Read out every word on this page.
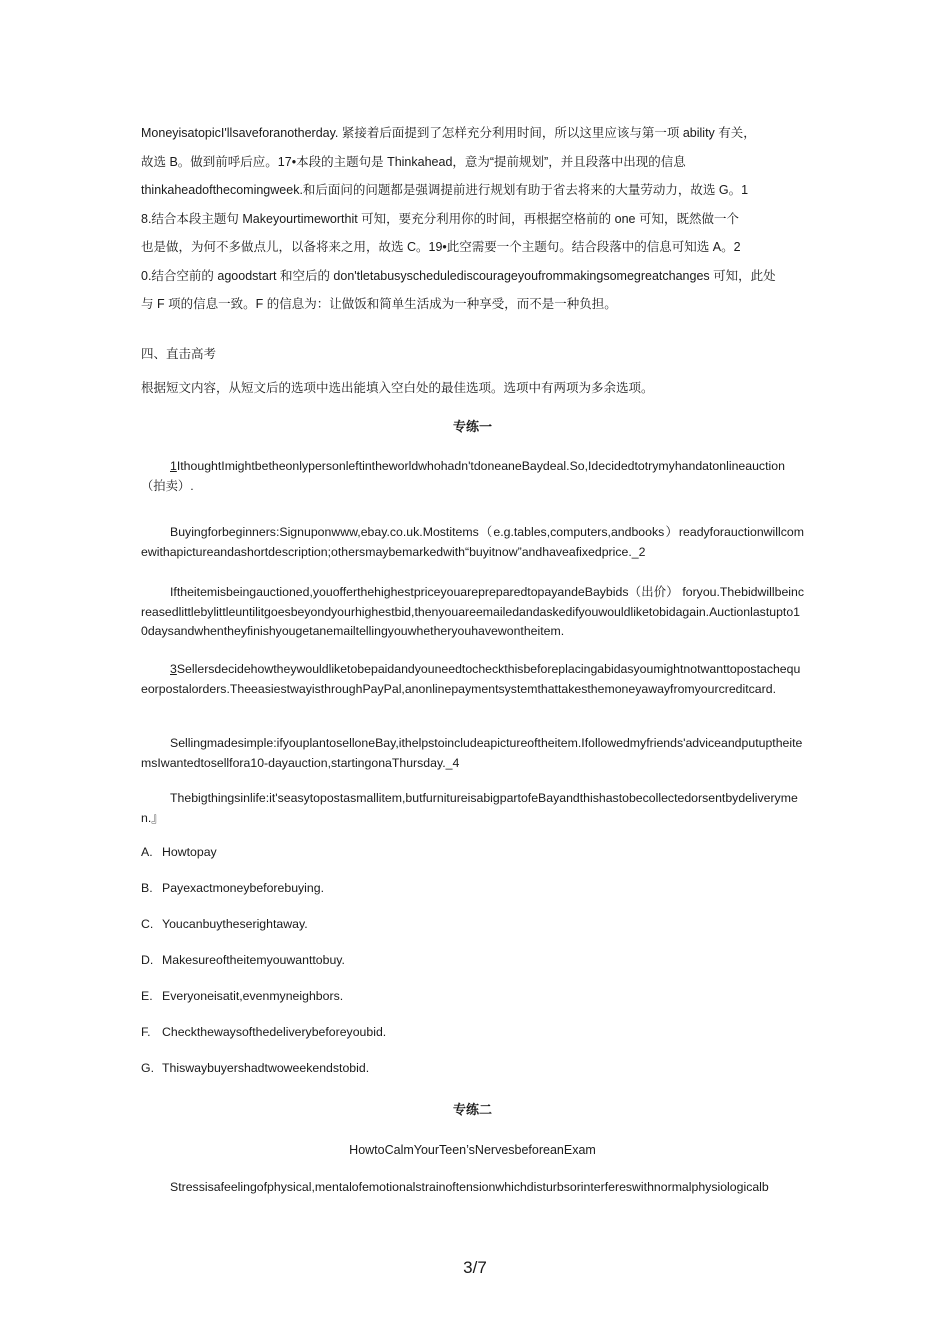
MoneyisatopicI'llsaveforanotherday. 紧接着后面提到了怎样充分利用时间，所以这里应该与第一项 ability 有关，

故选 B。做到前呼后应。17•本段的主题句是 Thinkahead，意为“提前规划”，并且段落中出现的信息

thinkaheadofthecomingweek.和后面问的问题都是强调提前进行规划有助于省去将来的大量劳动力，故选 G。1

8.结合本段主题句 Makeyourtimeworthit 可知，要充分利用你的时间，再根据空格前的 one 可知，既然做一个

也是做，为何不多做点儿，以备将来之用，故选 C。19•此空需要一个主题句。结合段落中的信息可知选 A。2

0.结合空前的 agoodstart 和空后的 don'tletabusyschedulediscourageyoufrommakingsomegreatchanges 可知，此处

与 F 项的信息一致。F 的信息为：让做饭和简单生活成为一种享受，而不是一种负担。

四、直击高考

根据短文内容，从短文后的选项中选出能填入空白处的最佳选项。选项中有两项为多余选项。

专练一

1IthoughtImightbetheonlypersonleftintheworldwhohadn'tdoneaneBaydeal.So,Idecidedtotrymyhandatonlineauction（拍卖）.

Buyingforbeginners:Signuponwww,ebay.co.uk.Mostitems（e.g.tables,computers,andbooks）readyforauctionwillcomewithapictureandashortdescription;othersmaybemarkedwith“buyitnow”andhaveafixedprice._2

Iftheitemisbeingauctioned,youofferthehighestpriceyouarepreparedtopayandeBaybids（出价） foryou.Thebidwillbeincreasedlittlebylittleuntilitgoesbeyondyourhighestbid,thenyouareemailedandaskedifyouwouldliketobidagain.Auctionlastupto10daysandwhentheyfinishyougetanemailtellingyouwhetheryouhavewontheitem.

3Sellersdecidehowtheywouldliketobepaidandyouneedtocheckthisbeforeplacingabidasyoumightnotwanttopostachequeorpostalorders.TheeasiestwayisthroughPayPal,anonlinepaymentsystemthattakesthemoneyawayfromyourcreditcard.

Sellingmadesimple:ifyouplantosellonеBay,ithelpstoincludeapictureoftheitem.Ifollowedmyfriends'adviceandputuptheitemsIwantedtosellfora10-dayauction,startingonaThursday._4

Thebigthingsinlife:it'seasytopostasmallitem,butfurnitureisabigpartofeBayandthishastobecollectedorsentbydeliverymen.』

A. Howtopay

B. Payexactmoneybeforebuying.

C. Youcanbuytheserightaway.

D. Makesureoftheitemyouwanttobuy.

E. Everyoneisatit,evenmyneighbors.

F. Checkthewaysofthedeliverybeforeyoubid.

G. Thiswaybuyershadtwoweekendstobid.

专练二

HowtoCalmYourTeen’sNervesbeforeanExam

Stressisafeelingofphysical,mentalofemotionalstrainoftensionwhichdisturbsorinterfereswithnormalphysiologicalb

3/7
